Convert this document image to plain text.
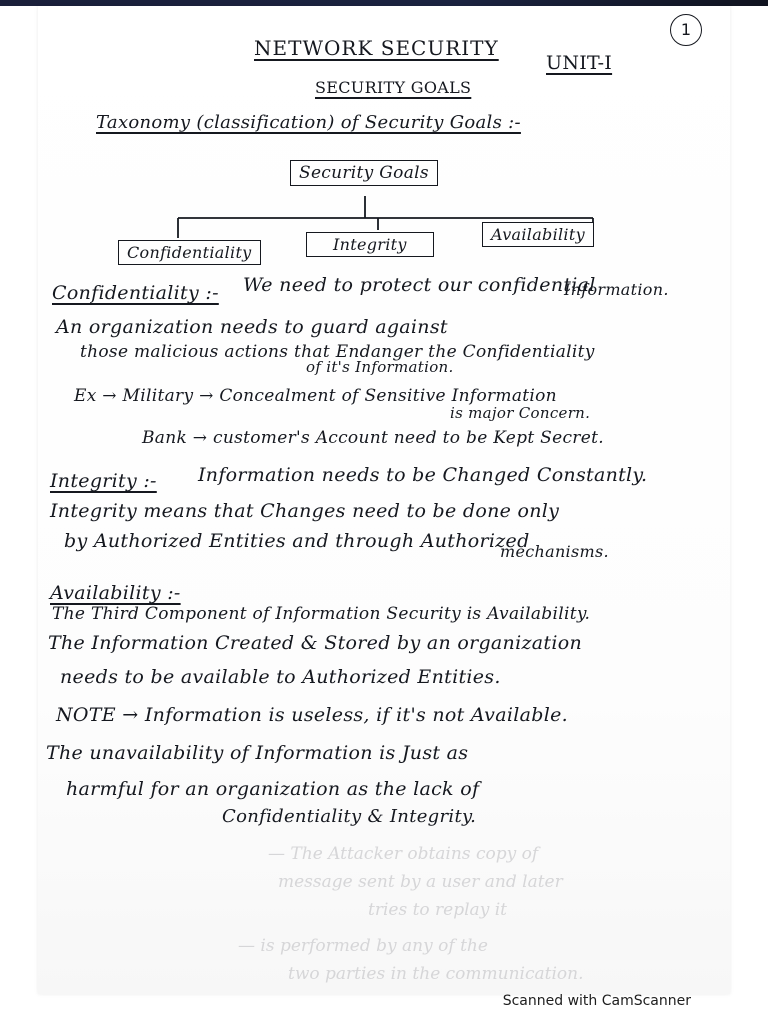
— The Attacker obtains copy of
message sent by a user and later
tries to replay it
— is performed by any of the
two parties in the communication.
1
NETWORK SECURITY
UNIT-I
SECURITY GOALS
Taxonomy (classification) of Security Goals :-
Security Goals
Confidentiality	Integrity
Availability
Confidentiality :- We need to protect our confidential
Information.
An organization needs to guard against
those malicious actions that Endanger the Confidentiality
of it's Information.
Ex → Military → Concealment of Sensitive Information
is major Concern.
Bank → customer's Account need to be Kept Secret.
Integrity :- Information needs to be Changed Constantly.
Integrity means that Changes need to be done only
by Authorized Entities and through Authorized
mechanisms.
Availability :-
The Third Component of Information Security is Availability.
The Information Created & Stored by an organization
needs to be available to Authorized Entities.
NOTE → Information is useless, if it's not Available.
The unavailability of Information is Just as
harmful for an organization as the lack of
Confidentiality & Integrity.
Scanned with CamScanner
